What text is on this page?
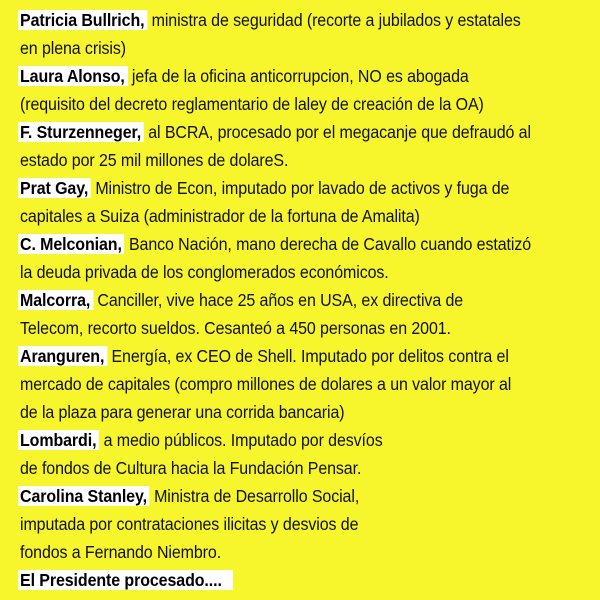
Patricia Bullrich, ministra de seguridad (recorte a jubilados y estatales
en plena crisis)
Laura Alonso, jefa de la oficina anticorrupcion, NO es abogada
(requisito del decreto reglamentario de laley de creación de la OA)
F. Sturzenneger, al BCRA, procesado por el megacanje que defraudó al
estado por 25 mil millones de dolareS.
Prat Gay, Ministro de Econ, imputado por lavado de activos y fuga de
capitales a Suiza (administrador de la fortuna de Amalita)
C. Melconian, Banco Nación, mano derecha de Cavallo cuando estatizó
la deuda privada de los conglomerados económicos.
Malcorra, Canciller, vive hace 25 años en USA, ex directiva de
Telecom, recorto sueldos. Cesanteó a 450 personas en 2001.
Aranguren, Energía, ex CEO de Shell. Imputado por delitos contra el
mercado de capitales (compro millones de dolares a un valor mayor al
de la plaza para generar una corrida bancaria)
Lombardi, a medio públicos. Imputado por desvíos
de fondos de Cultura hacia la Fundación Pensar.
Carolina Stanley, Ministra de Desarrollo Social,
imputada por contrataciones ilicitas y desvios de
fondos a Fernando Niembro.
El Presidente procesado....
